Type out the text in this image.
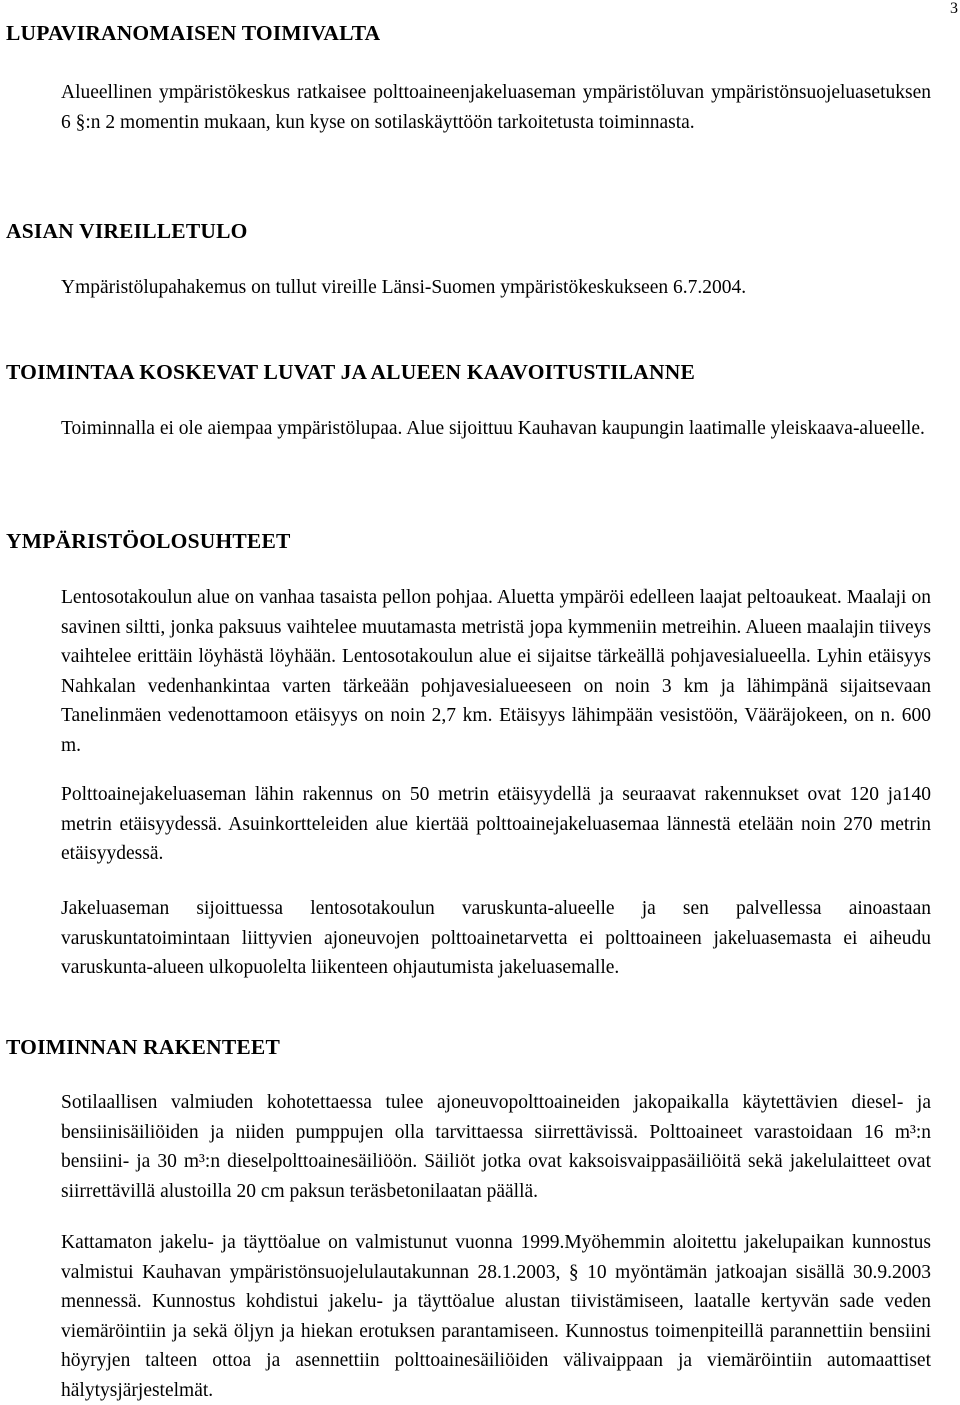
3
LUPAVIRANOMAISEN TOIMIVALTA

Alueellinen ympäristökeskus ratkaisee polttoaineenjakeluaseman ympäristöluvan ympäristönsuojeluasetuksen 6 §:n 2 momentin mukaan, kun kyse on sotilaskäyttöön tarkoitetusta toiminnasta.

ASIAN VIREILLETULO

Ympäristölupahakemus on tullut vireille Länsi-Suomen ympäristökeskukseen 6.7.2004.

TOIMINTAA KOSKEVAT LUVAT JA ALUEEN KAAVOITUSTILANNE

Toiminnalla ei ole aiempaa ympäristölupaa. Alue sijoittuu Kauhavan kaupungin laatimalle yleiskaava-alueelle.

YMPÄRISTÖOLOSUHTEET

Lentosotakoulun alue on vanhaa tasaista pellon pohjaa. Aluetta ympäröi edelleen laajat peltoaukeat. Maalaji on savinen siltti, jonka paksuus vaihtelee muutamasta metristä jopa kymmeniin metreihin. Alueen maalajin tiiveys vaihtelee erittäin löyhästä löyhään. Lentosotakoulun alue ei sijaitse tärkeällä pohjavesialueella. Lyhin etäisyys Nahkalan vedenhankintaa varten tärkeään pohjavesialueeseen on noin 3 km ja lähimpänä sijaitsevaan Tanelinmäen vedenottamoon etäisyys on noin 2,7 km. Etäisyys lähimpään vesistöön, Vääräjokeen, on n. 600 m.

Polttoainejakeluaseman lähin rakennus on 50 metrin etäisyydellä ja seuraavat rakennukset ovat 120 ja140 metrin etäisyydessä. Asuinkortteleiden alue kiertää polttoainejakeluasemaa lännestä etelään noin 270 metrin etäisyydessä.

Jakeluaseman sijoittuessa lentosotakoulun varuskunta-alueelle ja sen palvellessa ainoastaan varuskuntatoimintaan liittyvien ajoneuvojen polttoainetarvetta ei polttoaineen jakeluasemasta ei aiheudu varuskunta-alueen ulkopuolelta liikenteen ohjautumista jakeluasemalle.

TOIMINNAN RAKENTEET

Sotilaallisen valmiuden kohotettaessa tulee ajoneuvopolttoaineiden jakopaikalla käytettävien diesel- ja bensiinisäiliöiden ja niiden pumppujen olla tarvittaessa siirrettävissä. Polttoaineet varastoidaan 16 m³:n bensiini- ja 30 m³:n dieselpolttoainesäiliöön. Säiliöt jotka ovat kaksoisvaippasäiliöitä sekä jakelulaitteet ovat siirrettävillä alustoilla 20 cm paksun teräsbetonilaatan päällä.

Kattamaton jakelu- ja täyttöalue on valmistunut vuonna 1999.Myöhemmin aloitettu jakelupaikan kunnostus valmistui Kauhavan ympäristönsuojelulautakunnan 28.1.2003, § 10 myöntämän jatkoajan sisällä 30.9.2003 mennessä. Kunnostus kohdistui jakelu- ja täyttöalue alustan tiivistämiseen, laatalle kertyvän sade veden viemäröintiin ja sekä öljyn ja hiekan erotuksen parantamiseen. Kunnostus toimenpiteillä parannettiin bensiini höyryjen talteen ottoa ja asennettiin polttoainesäiliöiden välivaippaan ja viemäröintiin automaattiset hälytysjärjestelmät.
